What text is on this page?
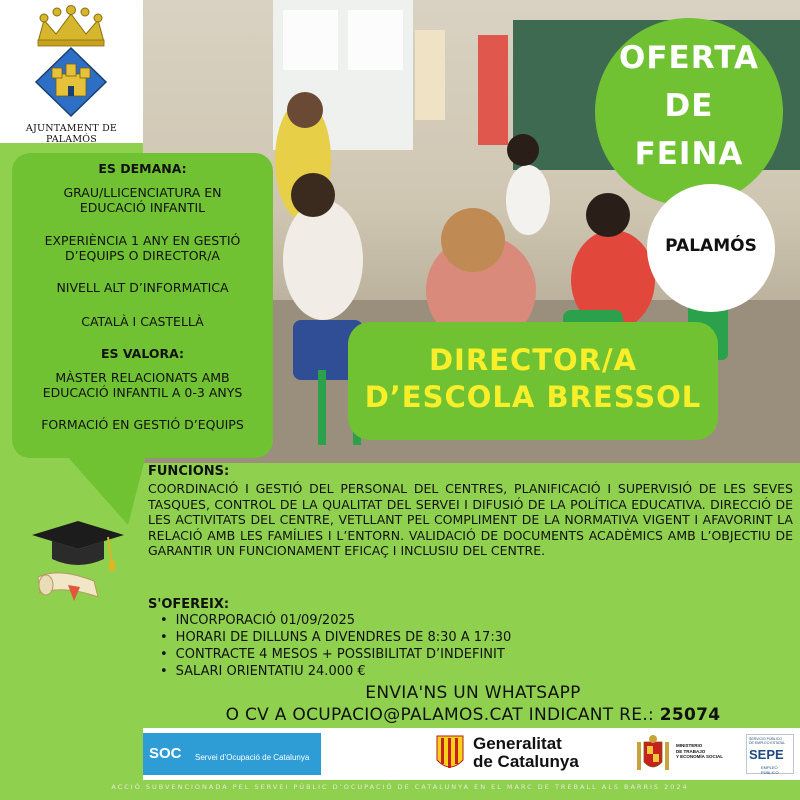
AJUNTAMENT DE PALAMÓS
ES DEMANA:
GRAU/LLICENCIATURA EN
EDUCACIÓ INFANTIL
EXPERIÈNCIA 1 ANY EN GESTIÓ
D’EQUIPS O DIRECTOR/A
NIVELL ALT D’INFORMATICA
CATALÀ I CASTELLÀ
ES VALORA:
MÀSTER RELACIONATS AMB
EDUCACIÓ INFANTIL A 0-3 ANYS
FORMACIÓ EN GESTIÓ D’EQUIPS
OFERTA
DE
FEINA
PALAMÓS
DIRECTOR/A
D’ESCOLA BRESSOL
FUNCIONS:
COORDINACIÓ I GESTIÓ DEL PERSONAL DEL CENTRES, PLANIFICACIÓ I SUPERVISIÓ DE LES SEVES TASQUES, CONTROL DE LA QUALITAT DEL SERVEI I DIFUSIÓ DE LA POLÍTICA EDUCATIVA. DIRECCIÓ DE LES ACTIVITATS DEL CENTRE, VETLLANT PEL COMPLIMENT DE LA NORMATIVA VIGENT I AFAVORINT LA RELACIÓ AMB LES FAMÍLIES I L’ENTORN. VALIDACIÓ DE DOCUMENTS ACADÈMICS AMB L’OBJECTIU DE GARANTIR UN FUNCIONAMENT EFICAÇ I INCLUSIU DEL CENTRE.
S'OFEREIX:
• INCORPORACIÓ 01/09/2025
• HORARI DE DILLUNS A DIVENDRES DE 8:30 A 17:30
• CONTRACTE 4 MESOS + POSSIBILITAT D’INDEFINIT
• SALARI ORIENTATIU 24.000 €
ENVIA'NS UN WHATSAPP
O CV A OCUPACIO@PALAMOS.CAT INDICANT RE.: 25074
SOC Servei d’Ocupació de Catalunya
Generalitat
de Catalunya
MINISTERIO
DE TRABAJO
Y ECONOMÍA SOCIAL
SERVICIO PÚBLICO
DE EMPLEO ESTATAL
SEPE
EMPLEO PÚBLICO
ACCIÓ SUBVENCIONADA PEL SERVEI PÚBLIC D’OCUPACIÓ DE CATALUNYA EN EL MARC DE TREBALL ALS BARRIS 2024
